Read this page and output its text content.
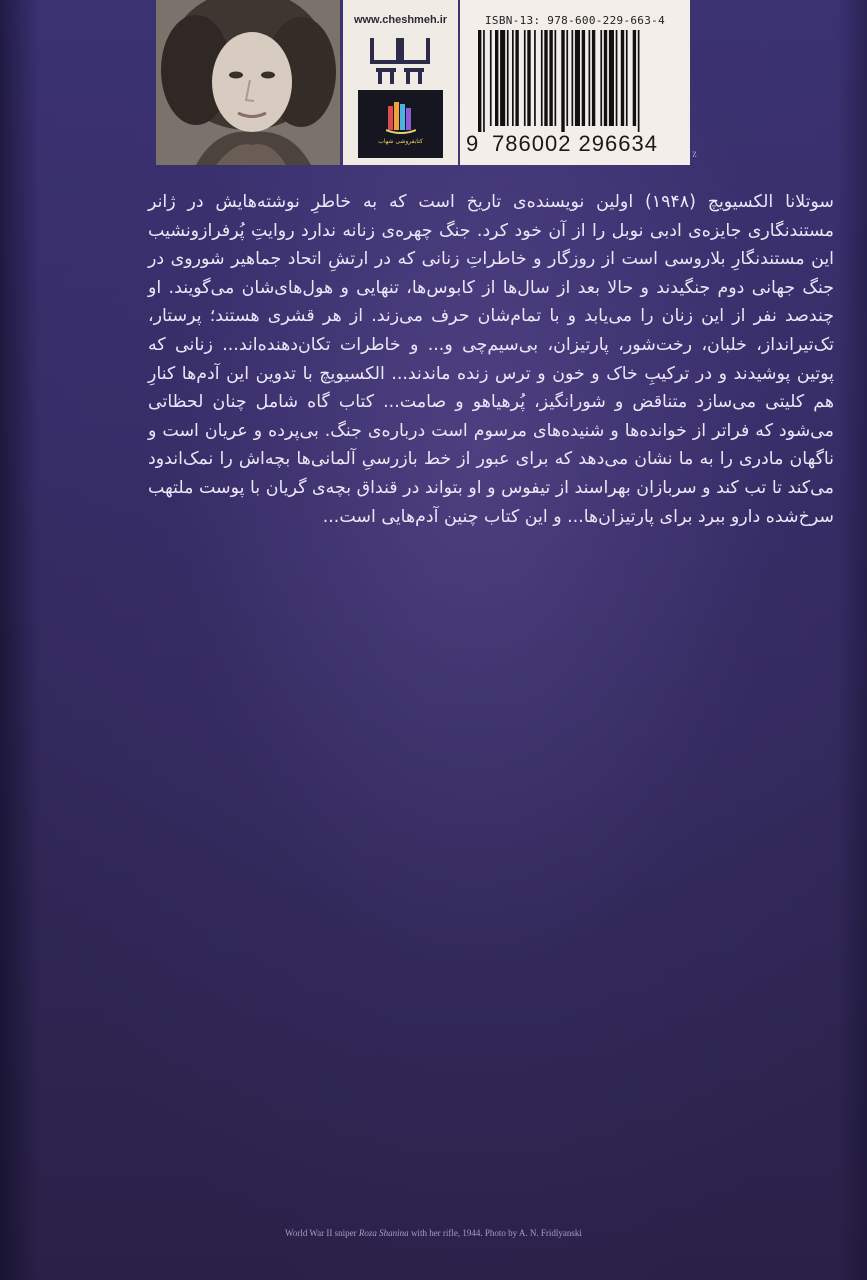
www.cheshmeh.ir
کتابفروشی شهاب
ISBN-13: 978-600-229-663-4
9 786002 296634	٪

سوتلانا الکسیویچ (۱۹۴۸) اولین نویسنده‌ی تاریخ است که به خاطرِ نوشته‌هایش در ژانر مستندنگاری جایزه‌ی ادبی نوبل را از آن خود کرد. جنگ چهره‌ی زنانه ندارد روایتِ پُرفرازونشیب این مستندنگارِ بلاروسی است از روزگار و خاطراتِ زنانی که در ارتشِ اتحاد جماهیر شوروی در جنگ جهانی دوم جنگیدند و حالا بعد از سال‌ها از کابوس‌ها، تنهایی و هول‌های‌شان می‌گویند. او چندصد نفر از این زنان را می‌یابد و با تمام‌شان حرف می‌زند. از هر قشری هستند؛ پرستار، تک‌تیرانداز، خلبان، رخت‌شور، پارتیزان، بی‌سیم‌چی و... و خاطرات تکان‌دهنده‌اند... زنانی که پوتین پوشیدند و در ترکیبِ خاک و خون و ترس زنده ماندند... الکسیویچ با تدوین این آدم‌ها کنارِ هم کلیتی می‌سازد متناقض و شورانگیز، پُرهیاهو و صامت... کتاب گاه شامل چنان لحظاتی می‌شود که فراتر از خوانده‌ها و شنیده‌های مرسوم است درباره‌ی جنگ. بی‌پرده و عریان است و ناگهان مادری را به ما نشان می‌دهد که برای عبور از خط بازرسیِ آلمانی‌ها بچه‌اش را نمک‌اندود می‌کند تا تب کند و سربازان بهراسند از تیفوس و او بتواند در قنداق بچه‌ی گریان با پوست ملتهب سرخ‌شده دارو ببرد برای پارتیزان‌ها... و این کتاب چنین آدم‌هایی است...

World War II sniper Roza Shanina with her rifle, 1944. Photo by A. N. Fridlyanski
